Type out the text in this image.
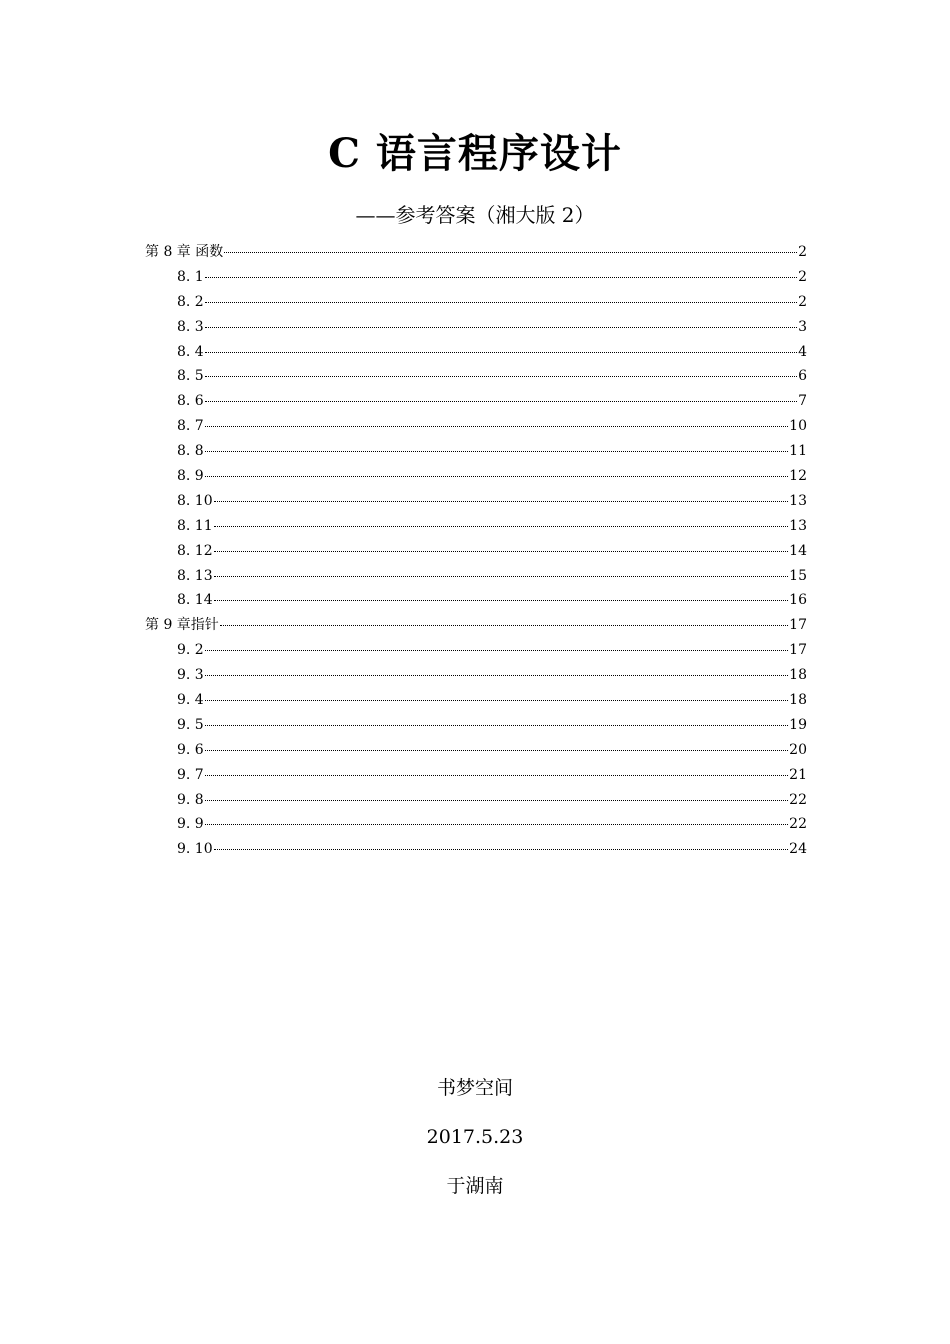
C 语言程序设计
——参考答案（湘大版 2）
第 8 章 函数	2
8. 1	2
8. 2	2
8. 3	3
8. 4	4
8. 5	6
8. 6	7
8. 7	10
8. 8	11
8. 9	12
8. 10	13
8. 11	13
8. 12	14
8. 13	15
8. 14	16
第 9 章指针	17
9. 2	17
9. 3	18
9. 4	18
9. 5	19
9. 6	20
9. 7	21
9. 8	22
9. 9	22
9. 10	24
书梦空间
2017.5.23
于湖南
